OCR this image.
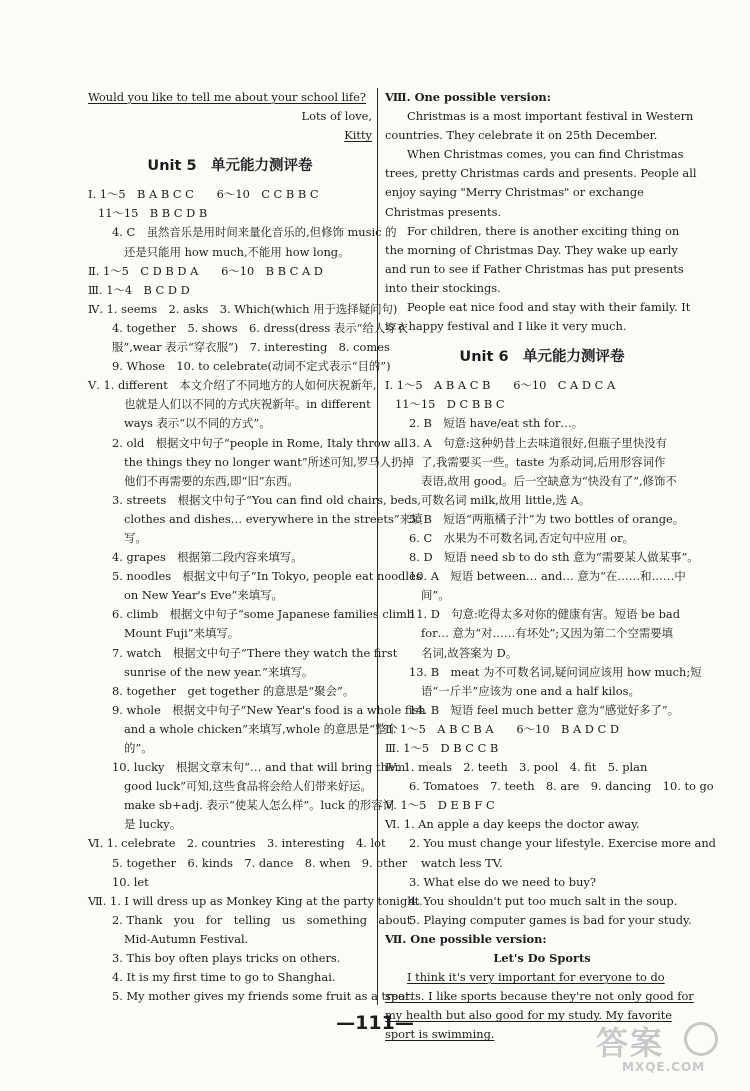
Would you like to tell me about your school life?
Lots of love,
Kitty
Unit 5　单元能力测评卷
Ⅰ. 1～5　B A B C C　　6～10　C C B B C
11～15　B B C D B
4. C　虽然音乐是用时间来量化音乐的,但修饰 music 的
还是只能用 how much,不能用 how long。
Ⅱ. 1～5　C D B D A　　6～10　B B C A D
Ⅲ. 1～4　B C D D
Ⅳ. 1. seems　2. asks　3. Which(which 用于选择疑问句)
4. together　5. shows　6. dress(dress 表示“给人穿衣
服”,wear 表示“穿衣服”)　7. interesting　8. comes
9. Whose　10. to celebrate(动词不定式表示“目的”)
Ⅴ. 1. different　本文介绍了不同地方的人如何庆祝新年,
也就是人们以不同的方式庆祝新年。in different
ways 表示“以不同的方式”。
2. old　根据文中句子“people in Rome, Italy throw all
the things they no longer want”所述可知,罗马人扔掉
他们不再需要的东西,即“旧”东西。
3. streets　根据文中句子“You can find old chairs, beds,
clothes and dishes… everywhere in the streets”来填
写。
4. grapes　根据第二段内容来填写。
5. noodles　根据文中句子“In Tokyo, people eat noodles
on New Year's Eve”来填写。
6. climb　根据文中句子“some Japanese families climb
Mount Fuji”来填写。
7. watch　根据文中句子“There they watch the first
sunrise of the new year.”来填写。
8. together　get together 的意思是“聚会”。
9. whole　根据文中句子“New Year's food is a whole fish
and a whole chicken”来填写,whole 的意思是“整个
的”。
10. lucky　根据文章末句“… and that will bring them
good luck”可知,这些食品将会给人们带来好运。
make sb+adj. 表示“使某人怎么样”。luck 的形容词
是 lucky。
Ⅵ. 1. celebrate　2. countries　3. interesting　4. lot
5. together　6. kinds　7. dance　8. when　9. other
10. let
Ⅶ. 1. I will dress up as Monkey King at the party tonight.
2. Thank　you　for　telling　us　something　about
Mid-Autumn Festival.
3. This boy often plays tricks on others.
4. It is my first time to go to Shanghai.
5. My mother gives my friends some fruit as a treat.
Ⅷ. One possible version:
Christmas is a most important festival in Western countries. They celebrate it on 25th December.
When Christmas comes, you can find Christmas trees, pretty Christmas cards and presents. People all enjoy saying "Merry Christmas" or exchange Christmas presents.
For children, there is another exciting thing on the morning of Christmas Day. They wake up early and run to see if Father Christmas has put presents into their stockings.
People eat nice food and stay with their family. It is a happy festival and I like it very much.
Unit 6　单元能力测评卷
Ⅰ. 1～5　A B A C B　　6～10　C A D C A
11～15　D C B B C
2. B　短语 have/eat sth for…。
3. A　句意:这种奶昔上去味道很好,但瓶子里快没有
了,我需要买一些。taste 为系动词,后用形容词作
表语,故用 good。后一空缺意为“快没有了”,修饰不
可数名词 milk,故用 little,选 A。
5. B　短语“两瓶橘子汁”为 two bottles of orange。
6. C　水果为不可数名词,否定句中应用 or。
8. D　短语 need sb to do sth 意为“需要某人做某事”。
10. A　短语 between… and… 意为“在……和……中
间”。
11. D　句意:吃得太多对你的健康有害。短语 be bad
for… 意为“对……有坏处”;又因为第二个空需要填
名词,故答案为 D。
13. B　meat 为不可数名词,疑问词应该用 how much;短
语“一斤半”应该为 one and a half kilos。
14. B　短语 feel much better 意为“感觉好多了”。
Ⅱ. 1～5　A B C B A　　6～10　B A D C D
Ⅲ. 1～5　D B C C B
Ⅳ. 1. meals　2. teeth　3. pool　4. fit　5. plan
6. Tomatoes　7. teeth　8. are　9. dancing　10. to go
Ⅴ. 1～5　D E B F C
Ⅵ. 1. An apple a day keeps the doctor away.
2. You must change your lifestyle. Exercise more and
watch less TV.
3. What else do we need to buy?
4. You shouldn't put too much salt in the soup.
5. Playing computer games is bad for your study.
Ⅶ. One possible version:
Let's Do Sports
I think it's very important for everyone to do sports. I like sports because they're not only good for my health but also good for my study. My favorite sport is swimming.
—111—
答案
MXQE.COM
